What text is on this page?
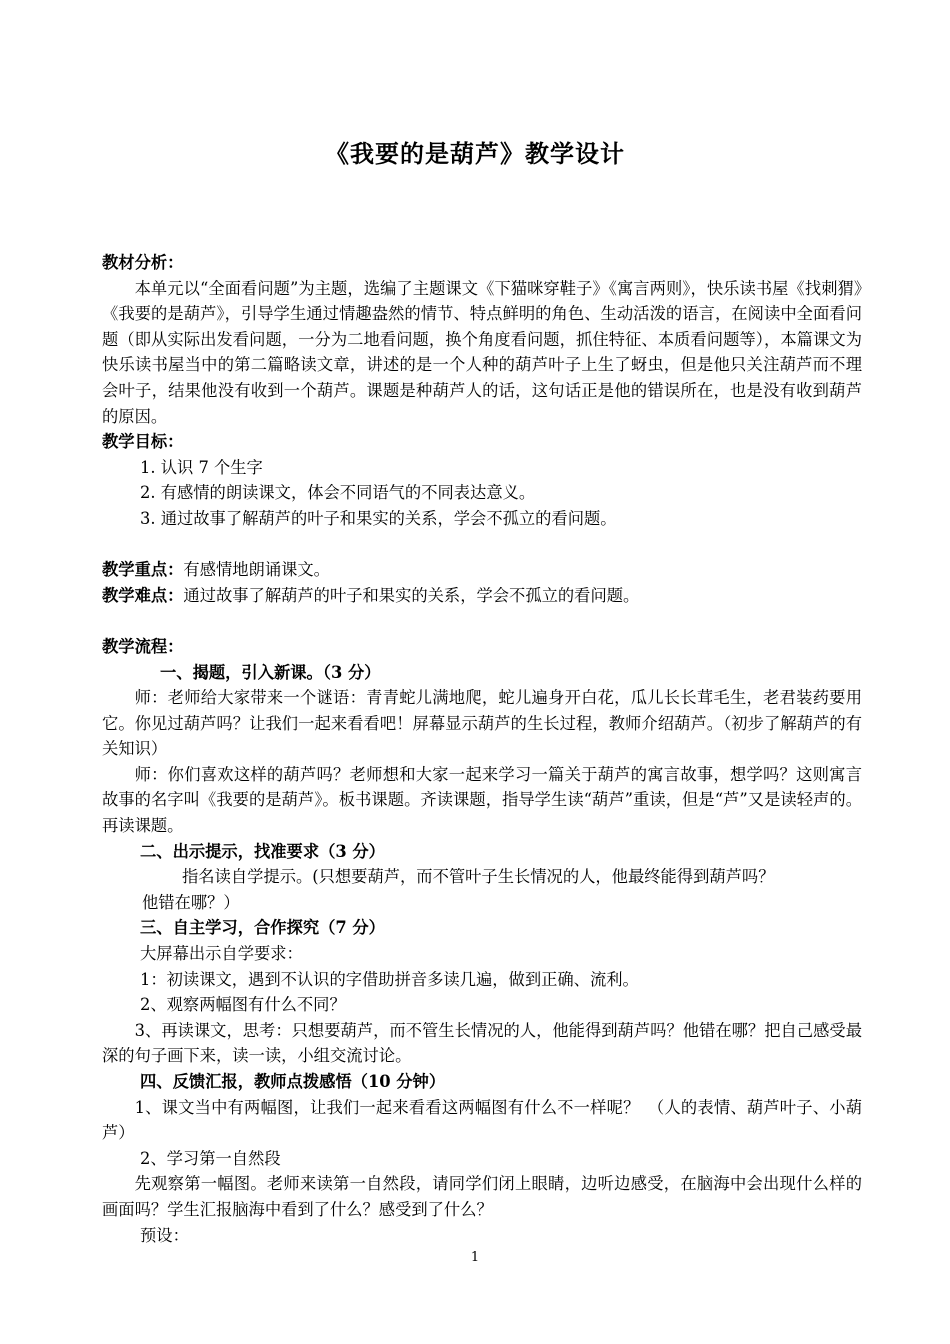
《我要的是葫芦》教学设计

教材分析：

本单元以“全面看问题”为主题，选编了主题课文《下猫咪穿鞋子》《寓言两则》，快乐读书屋《找刺猬》《我要的是葫芦》，引导学生通过情趣盎然的情节、特点鲜明的角色、生动活泼的语言，在阅读中全面看问题（即从实际出发看问题，一分为二地看问题，换个角度看问题，抓住特征、本质看问题等），本篇课文为快乐读书屋当中的第二篇略读文章，讲述的是一个人种的葫芦叶子上生了蚜虫，但是他只关注葫芦而不理会叶子，结果他没有收到一个葫芦。课题是种葫芦人的话，这句话正是他的错误所在，也是没有收到葫芦的原因。

教学目标：

1. 认识 7 个生字

2. 有感情的朗读课文，体会不同语气的不同表达意义。

3. 通过故事了解葫芦的叶子和果实的关系，学会不孤立的看问题。

教学重点：有感情地朗诵课文。

教学难点：通过故事了解葫芦的叶子和果实的关系，学会不孤立的看问题。

教学流程：

一、揭题，引入新课。（3 分）

师：老师给大家带来一个谜语：青青蛇儿满地爬，蛇儿遍身开白花，瓜儿长长茸毛生，老君装药要用它。你见过葫芦吗？让我们一起来看看吧！屏幕显示葫芦的生长过程，教师介绍葫芦。（初步了解葫芦的有关知识）

师：你们喜欢这样的葫芦吗？老师想和大家一起来学习一篇关于葫芦的寓言故事，想学吗？这则寓言故事的名字叫《我要的是葫芦》。板书课题。齐读课题，指导学生读“葫芦”重读，但是“芦”又是读轻声的。再读课题。

二、出示提示，找准要求（3 分）

指名读自学提示。(只想要葫芦，而不管叶子生长情况的人，他最终能得到葫芦吗？

他错在哪？）

三、自主学习，合作探究（7 分）

大屏幕出示自学要求：

1：初读课文，遇到不认识的字借助拼音多读几遍，做到正确、流利。

2、观察两幅图有什么不同？

3、再读课文，思考：只想要葫芦，而不管生长情况的人，他能得到葫芦吗？他错在哪？把自己感受最深的句子画下来，读一读，小组交流讨论。

四、反馈汇报，教师点拨感悟（10 分钟）

1、课文当中有两幅图，让我们一起来看看这两幅图有什么不一样呢？　（人的表情、葫芦叶子、小葫芦）

2、学习第一自然段

先观察第一幅图。老师来读第一自然段，请同学们闭上眼睛，边听边感受，在脑海中会出现什么样的画面吗？学生汇报脑海中看到了什么？感受到了什么？

预设：

1
